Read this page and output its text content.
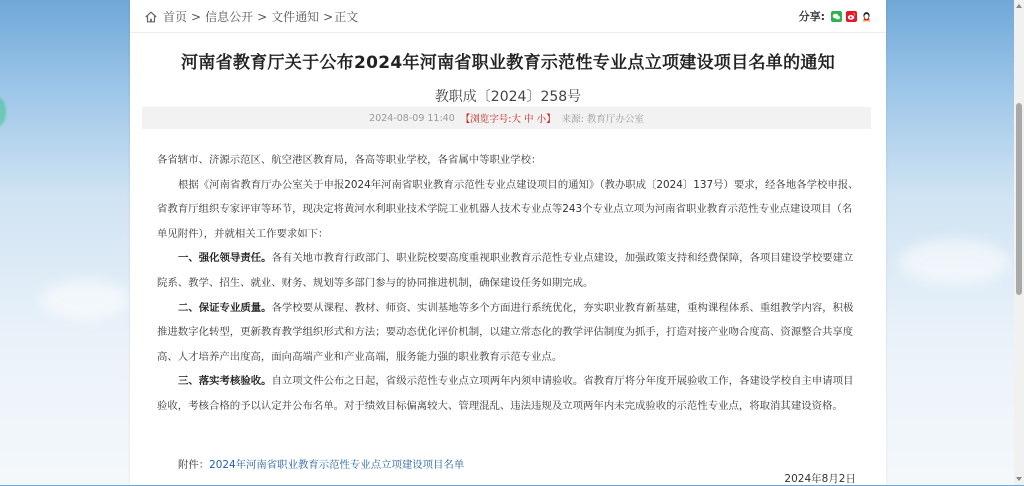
首页 > 信息公开 > 文件通知 > 正文	分享:
河南省教育厅关于公布2024年河南省职业教育示范性专业点立项建设项目名单的通知
教职成〔2024〕258号
2024-08-09 11:40 【浏览字号:大 中 小】 来源: 教育厅办公室

各省辖市、济源示范区、航空港区教育局，各高等职业学校，各省属中等职业学校：

根据《河南省教育厅办公室关于申报2024年河南省职业教育示范性专业点建设项目的通知》（教办职成〔2024〕137号）要求，经各地各学校申报、省教育厅组织专家评审等环节，现决定将黄河水利职业技术学院工业机器人技术专业点等243个专业点立项为河南省职业教育示范性专业点建设项目（名单见附件），并就相关工作要求如下：

一、强化领导责任。各有关地市教育行政部门、职业院校要高度重视职业教育示范性专业点建设，加强政策支持和经费保障，各项目建设学校要建立院系、教学、招生、就业、财务、规划等多部门参与的协同推进机制，确保建设任务如期完成。

二、保证专业质量。各学校要从课程、教材、师资、实训基地等多个方面进行系统优化，夯实职业教育新基建，重构课程体系、重组教学内容，积极推进数字化转型，更新教育教学组织形式和方法；要动态优化评价机制，以建立常态化的教学评估制度为抓手，打造对接产业吻合度高、资源整合共享度高、人才培养产出度高，面向高端产业和产业高端，服务能力强的职业教育示范专业点。

三、落实考核验收。自立项文件公布之日起，省级示范性专业点立项两年内须申请验收。省教育厅将分年度开展验收工作，各建设学校自主申请项目验收，考核合格的予以认定并公布名单。对于绩效目标偏离较大、管理混乱、违法违规及立项两年内未完成验收的示范性专业点，将取消其建设资格。

附件：2024年河南省职业教育示范性专业点立项建设项目名单

2024年8月2日
